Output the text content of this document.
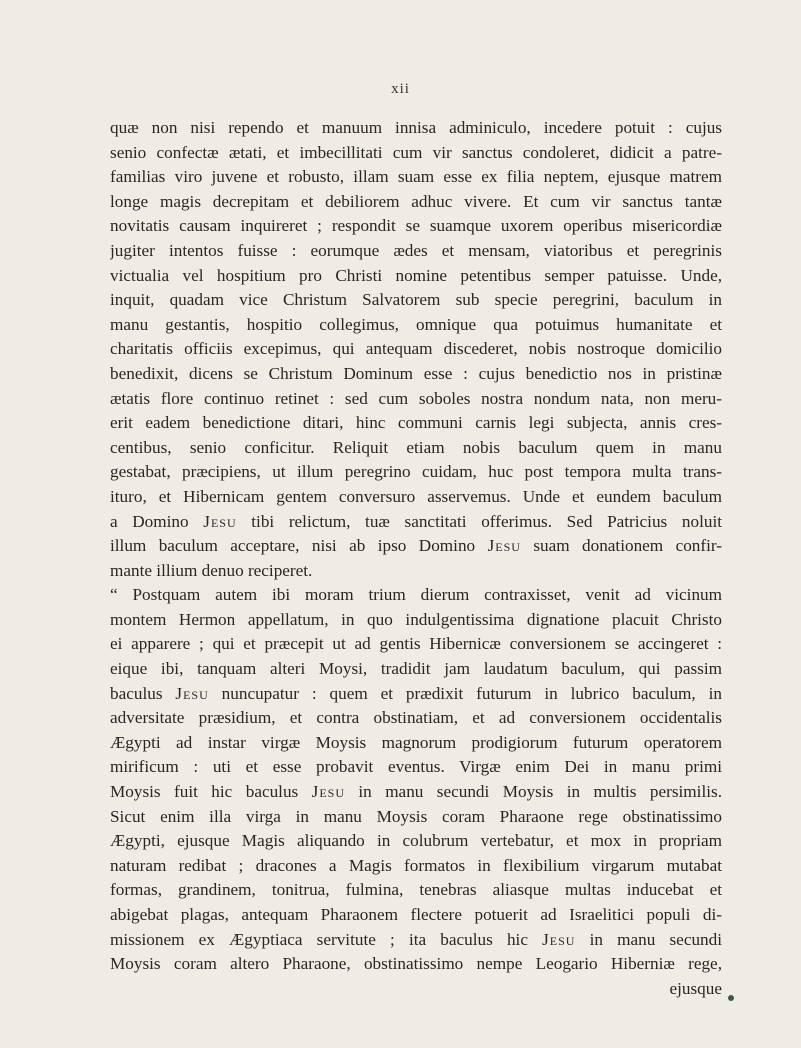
xii
quæ non nisi rependo et manuum innisa adminiculo, incedere potuit : cujus
senio confectæ ætati, et imbecillitati cum vir sanctus condoleret, didicit a patre-
familias viro juvene et robusto, illam suam esse ex filia neptem, ejusque matrem
longe magis decrepitam et debiliorem adhuc vivere. Et cum vir sanctus tantæ
novitatis causam inquireret ; respondit se suamque uxorem operibus misericordiæ
jugiter intentos fuisse : eorumque ædes et mensam, viatoribus et peregrinis
victualia vel hospitium pro Christi nomine petentibus semper patuisse. Unde,
inquit, quadam vice Christum Salvatorem sub specie peregrini, baculum in
manu gestantis, hospitio collegimus, omnique qua potuimus humanitate et
charitatis officiis excepimus, qui antequam discederet, nobis nostroque domicilio
benedixit, dicens se Christum Dominum esse : cujus benedictio nos in pristinæ
ætatis flore continuo retinet : sed cum soboles nostra nondum nata, non meru-
erit eadem benedictione ditari, hinc communi carnis legi subjecta, annis cres-
centibus, senio conficitur. Reliquit etiam nobis baculum quem in manu
gestabat, præcipiens, ut illum peregrino cuidam, huc post tempora multa trans-
ituro, et Hibernicam gentem conversuro asservemus. Unde et eundem baculum
a Domino Jesu tibi relictum, tuæ sanctitati offerimus. Sed Patricius noluit
illum baculum acceptare, nisi ab ipso Domino Jesu suam donationem confir-
mante illium denuo reciperet.
“ Postquam autem ibi moram trium dierum contraxisset, venit ad vicinum
montem Hermon appellatum, in quo indulgentissima dignatione placuit Christo
ei apparere ; qui et præcepit ut ad gentis Hibernicæ conversionem se accingeret :
eique ibi, tanquam alteri Moysi, tradidit jam laudatum baculum, qui passim
baculus Jesu nuncupatur : quem et prædixit futurum in lubrico baculum, in
adversitate præsidium, et contra obstinatiam, et ad conversionem occidentalis
Ægypti ad instar virgæ Moysis magnorum prodigiorum futurum operatorem
mirificum : uti et esse probavit eventus. Virgæ enim Dei in manu primi
Moysis fuit hic baculus Jesu in manu secundi Moysis in multis persimilis.
Sicut enim illa virga in manu Moysis coram Pharaone rege obstinatissimo
Ægypti, ejusque Magis aliquando in colubrum vertebatur, et mox in propriam
naturam redibat ; dracones a Magis formatos in flexibilium virgarum mutabat
formas, grandinem, tonitrua, fulmina, tenebras aliasque multas inducebat et
abigebat plagas, antequam Pharaonem flectere potuerit ad Israelitici populi di-
missionem ex Ægyptiaca servitute ; ita baculus hic Jesu in manu secundi
Moysis coram altero Pharaone, obstinatissimo nempe Leogario Hiberniæ rege,
ejusque
